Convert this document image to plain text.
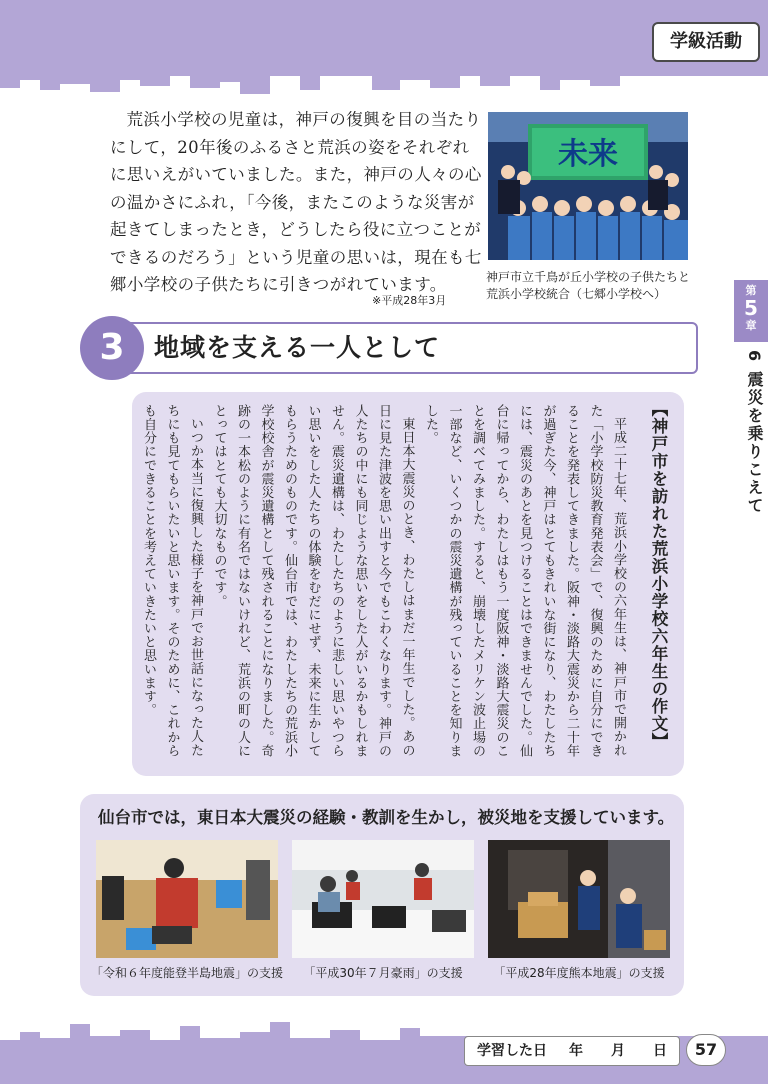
学級活動

荒浜小学校の児童は，神戸の復興を目の当たりにして，20年後のふるさと荒浜の姿をそれぞれに思いえがいていました。また，神戸の人々の心の温かさにふれ，「今後，またこのような災害が起きてしまったとき，どうしたら役に立つことができるのだろう」という児童の思いは，現在も七郷小学校の子供たちに引きつがれています。

※平成28年3月
未来
神戸市立千鳥が丘小学校の子供たちと
荒浜小学校統合（七郷小学校へ）	第
5
章
6 震災を乗りこえて
3	地域を支える一人として
【神戸市を訪れた荒浜小学校六年生の作文】

平成二十七年、荒浜小学校の六年生は、神戸市で開かれた「小学校防災教育発表会」で、復興のために自分にできることを発表してきました。阪神・淡路大震災から二十年が過ぎた今、神戸はとてもきれいな街になり、わたしたちには、震災のあとを見つけることはできませんでした。仙台に帰ってから、わたしはもう一度阪神・淡路大震災のことを調べてみました。すると、崩壊したメリケン波止場の一部など、いくつかの震災遺構が残っていることを知りました。

東日本大震災のとき、わたしはまだ一年生でした。あの日に見た津波を思い出すと今でもこわくなります。神戸の人たちの中にも同じような思いをした人がいるかもしれません。震災遺構は、わたしたちのように悲しい思いやつらい思いをした人たちの体験をむだにせず、未来に生かしてもらうためのものです。仙台市では、わたしたちの荒浜小学校校舎が震災遺構として残されることになりました。奇跡の一本松のように有名ではないけれど、荒浜の町の人にとってはとても大切なものです。

いつか本当に復興した様子を神戸でお世話になった人たちにも見てもらいたいと思います。そのために、これからも自分にできることを考えていきたいと思います。

仙台市では，東日本大震災の経験・教訓を生かし，被災地を支援しています。
「令和６年度能登半島地震」の支援	「平成30年７月豪雨」の支援	「平成28年度熊本地震」の支援
学習した日 年 月 日	57
